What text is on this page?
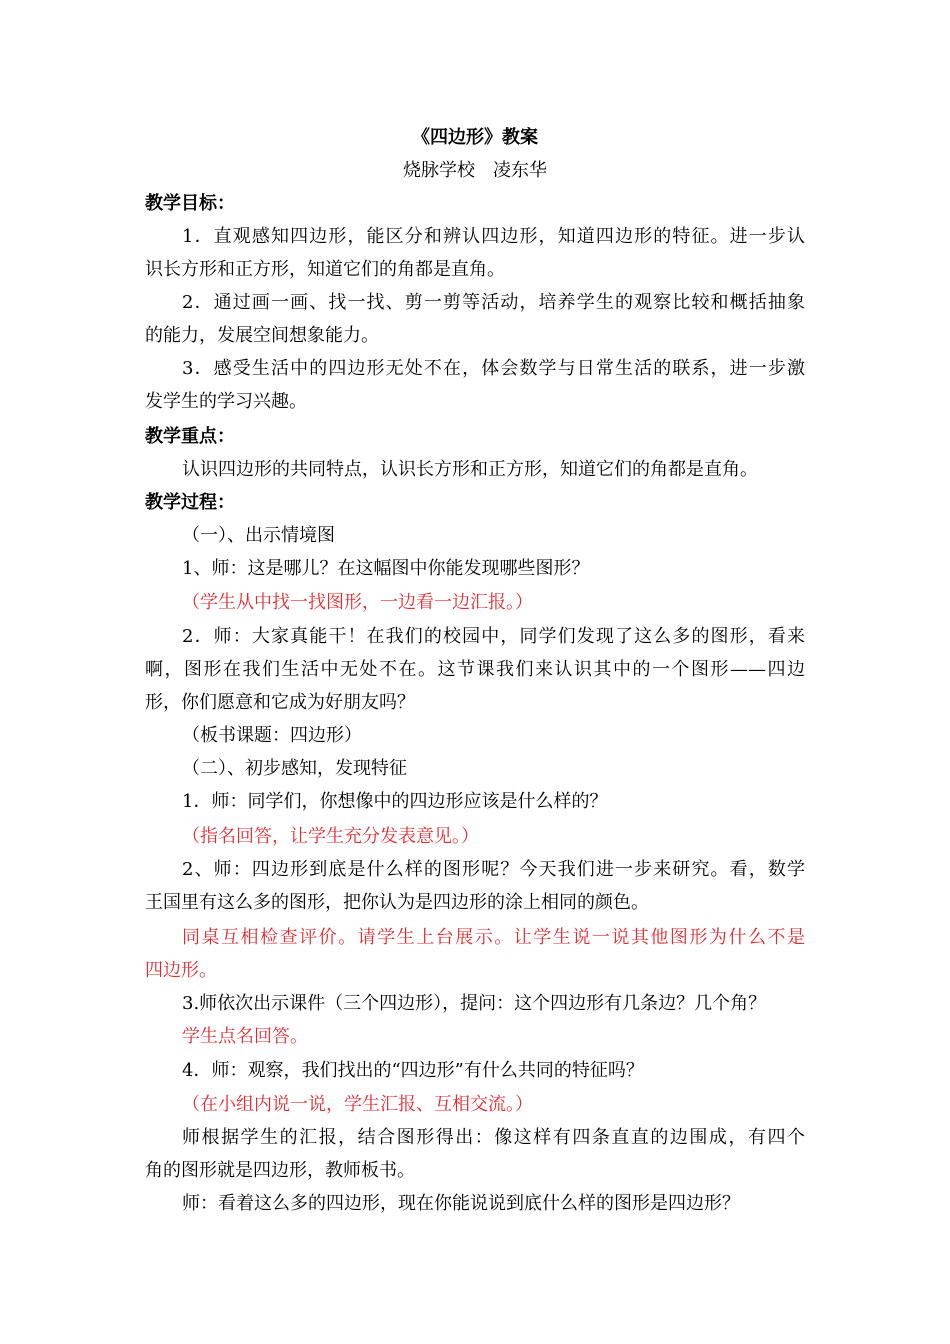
《四边形》教案
烧脉学校　凌东华
教学目标：
1．直观感知四边形，能区分和辨认四边形，知道四边形的特征。进一步认
识长方形和正方形，知道它们的角都是直角。
2．通过画一画、找一找、剪一剪等活动，培养学生的观察比较和概括抽象
的能力，发展空间想象能力。
3．感受生活中的四边形无处不在，体会数学与日常生活的联系，进一步激
发学生的学习兴趣。
教学重点：
认识四边形的共同特点，认识长方形和正方形，知道它们的角都是直角。
教学过程：
（一）、出示情境图
1、师：这是哪儿？在这幅图中你能发现哪些图形？
（学生从中找一找图形，一边看一边汇报。）
2．师：大家真能干！在我们的校园中，同学们发现了这么多的图形，看来
啊，图形在我们生活中无处不在。这节课我们来认识其中的一个图形——四边
形，你们愿意和它成为好朋友吗？
（板书课题：四边形）
（二）、初步感知，发现特征
1．师：同学们，你想像中的四边形应该是什么样的？
（指名回答，让学生充分发表意见。）
2、师：四边形到底是什么样的图形呢？今天我们进一步来研究。看，数学
王国里有这么多的图形，把你认为是四边形的涂上相同的颜色。
同桌互相检查评价。请学生上台展示。让学生说一说其他图形为什么不是
四边形。
3.师依次出示课件（三个四边形），提问：这个四边形有几条边？几个角？
学生点名回答。
4．师：观察，我们找出的“四边形”有什么共同的特征吗？
（在小组内说一说，学生汇报、互相交流。）
师根据学生的汇报，结合图形得出：像这样有四条直直的边围成，有四个
角的图形就是四边形，教师板书。
师：看着这么多的四边形，现在你能说说到底什么样的图形是四边形？
